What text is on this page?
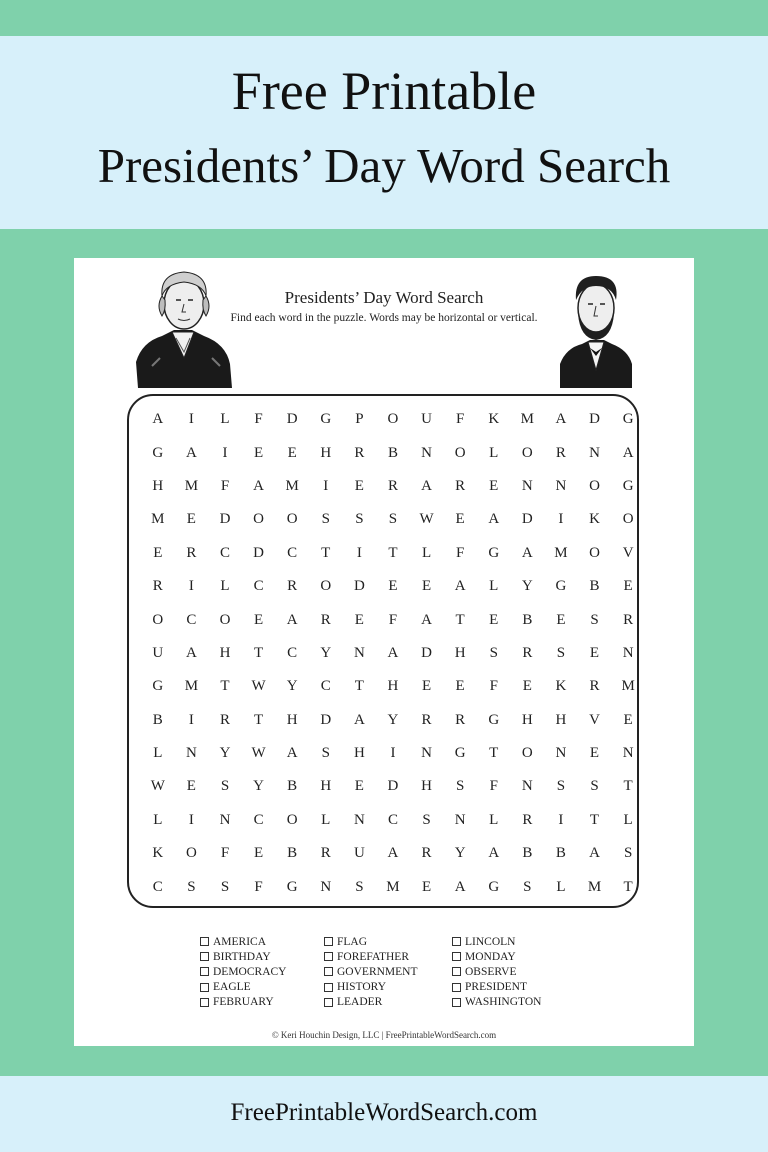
Free Printable
Presidents’ Day Word Search
Presidents’ Day Word Search
Find each word in the puzzle. Words may be horizontal or vertical.
A	I	L	F	D	G	P	O	U	F	K	M	A	D	G
G	A	I	E	E	H	R	B	N	O	L	O	R	N	A
H	M	F	A	M	I	E	R	A	R	E	N	N	O	G
M	E	D	O	O	S	S	S	W	E	A	D	I	K	O
E	R	C	D	C	T	I	T	L	F	G	A	M	O	V
R	I	L	C	R	O	D	E	E	A	L	Y	G	B	E
O	C	O	E	A	R	E	F	A	T	E	B	E	S	R
U	A	H	T	C	Y	N	A	D	H	S	R	S	E	N
G	M	T	W	Y	C	T	H	E	E	F	E	K	R	M
B	I	R	T	H	D	A	Y	R	R	G	H	H	V	E
L	N	Y	W	A	S	H	I	N	G	T	O	N	E	N
W	E	S	Y	B	H	E	D	H	S	F	N	S	S	T
L	I	N	C	O	L	N	C	S	N	L	R	I	T	L
K	O	F	E	B	R	U	A	R	Y	A	B	B	A	S
C	S	S	F	G	N	S	M	E	A	G	S	L	M	T
AMERICA
BIRTHDAY
DEMOCRACY
EAGLE
FEBRUARY
FLAG
FOREFATHER
GOVERNMENT
HISTORY
LEADER
LINCOLN
MONDAY
OBSERVE
PRESIDENT
WASHINGTON
© Keri Houchin Design, LLC | FreePrintableWordSearch.com
FreePrintableWordSearch.com
